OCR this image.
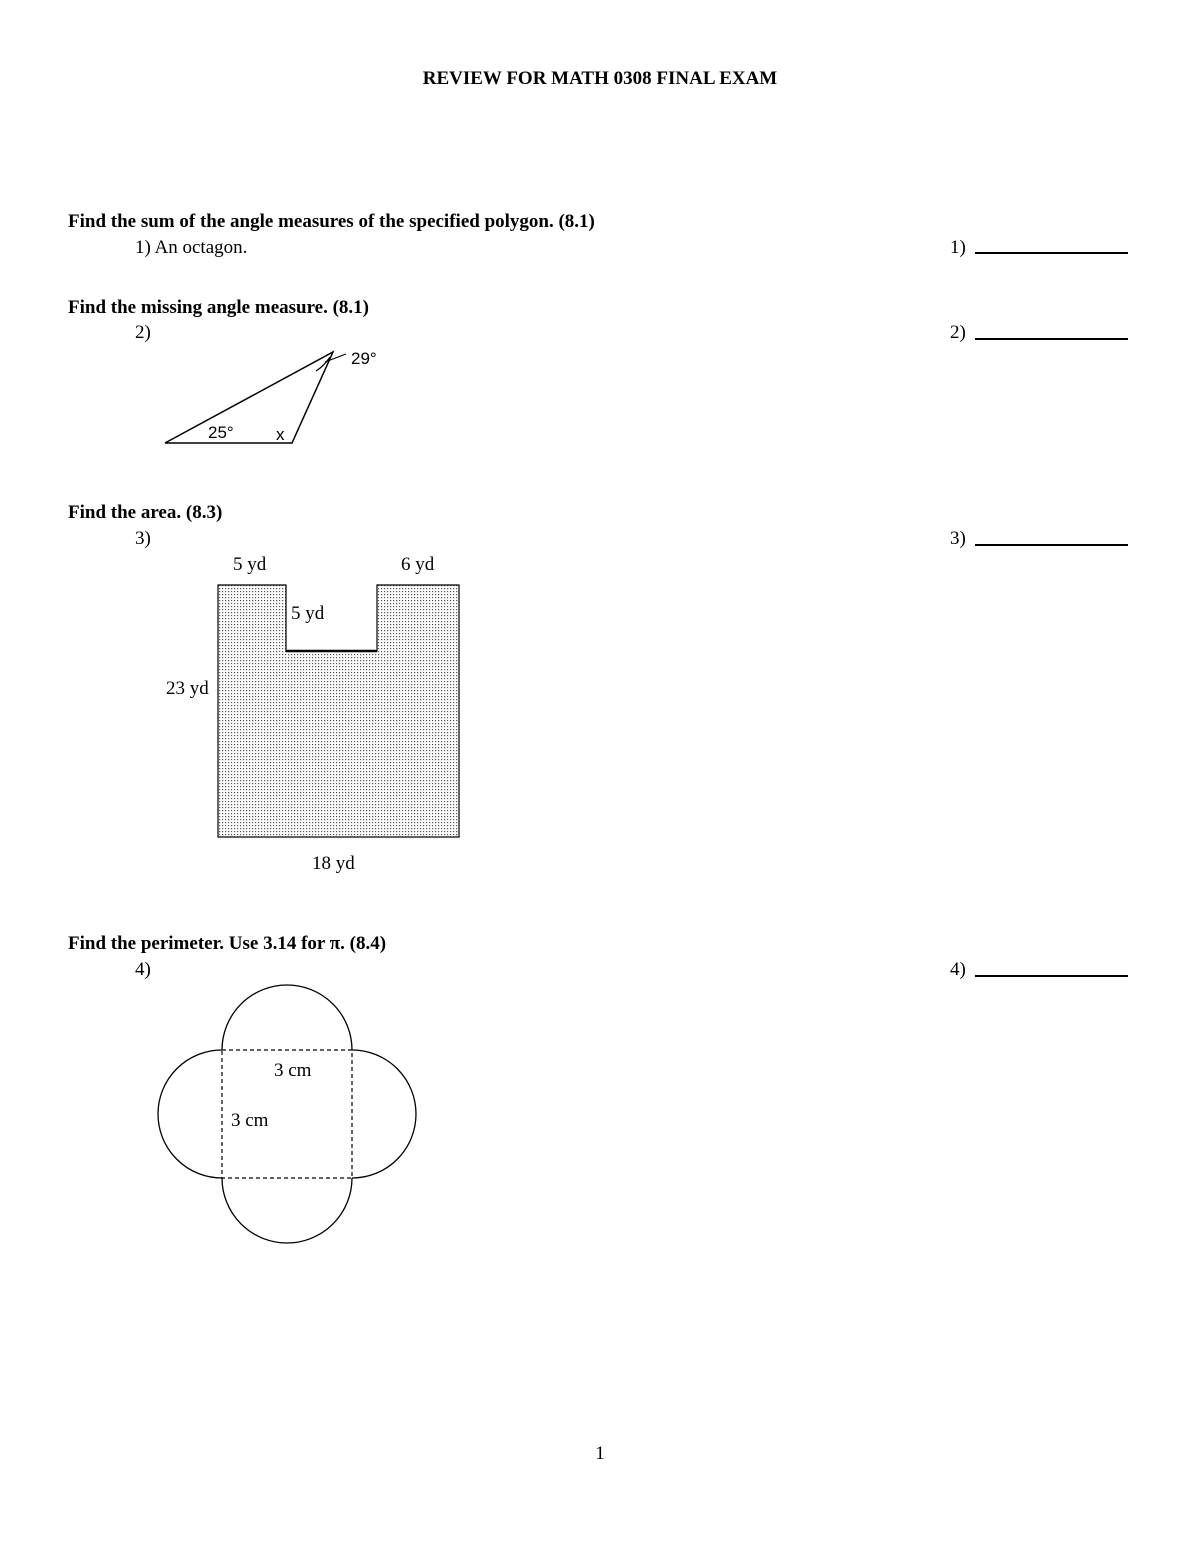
REVIEW FOR MATH 0308 FINAL EXAM
Find the sum of the angle measures of the specified polygon. (8.1)
1) An octagon.	1)
Find the missing angle measure. (8.1)
2)	2)
Find the area. (8.3)
3)	3)
Find the perimeter. Use 3.14 for π. (8.4)
4)	4)
29°
25° x
5 yd	6 yd
5 yd
23 yd
18 yd
3 cm
3 cm
1
